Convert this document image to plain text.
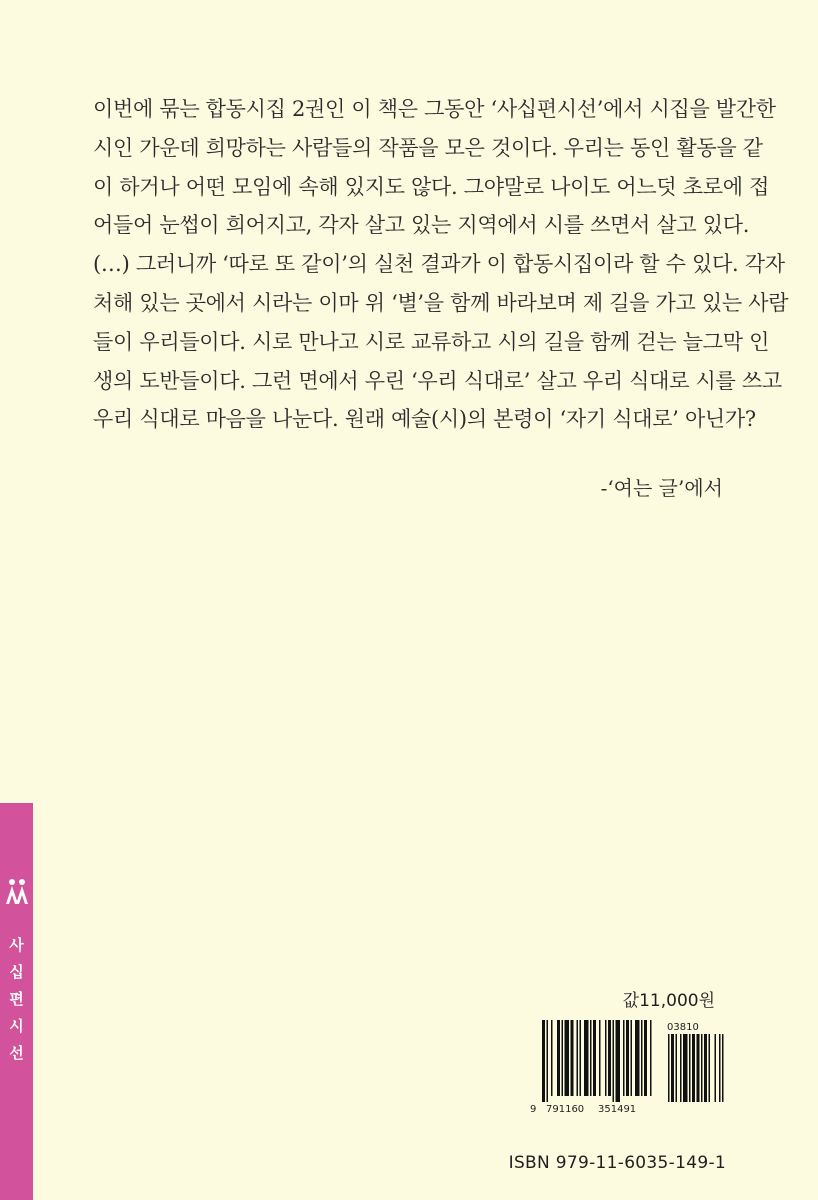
이번에 묶는 합동시집 2권인 이 책은 그동안 ‘사십편시선’에서 시집을 발간한
시인 가운데 희망하는 사람들의 작품을 모은 것이다. 우리는 동인 활동을 같
이 하거나 어떤 모임에 속해 있지도 않다. 그야말로 나이도 어느덧 초로에 접
어들어 눈썹이 희어지고, 각자 살고 있는 지역에서 시를 쓰면서 살고 있다.
(…) 그러니까 ‘따로 또 같이’의 실천 결과가 이 합동시집이라 할 수 있다. 각자
처해 있는 곳에서 시라는 이마 위 ‘별’을 함께 바라보며 제 길을 가고 있는 사람
들이 우리들이다. 시로 만나고 시로 교류하고 시의 길을 함께 걷는 늘그막 인
생의 도반들이다. 그런 면에서 우린 ‘우리 식대로’ 살고 우리 식대로 시를 쓰고
우리 식대로 마음을 나눈다. 원래 예술(시)의 본령이 ‘자기 식대로’ 아닌가?
-‘여는 글’에서
사
십
편
시
선
값11,000원
03810
9 791160 351491
ISBN 979-11-6035-149-1
